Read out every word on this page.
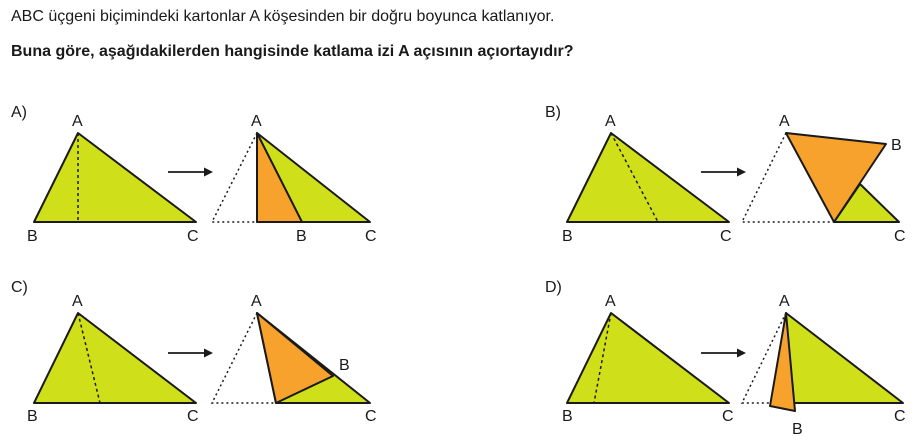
ABC üçgeni biçimindeki kartonlar A köşesinden bir doğru boyunca katlanıyor.
Buna göre, aşağıdakilerden hangisinde katlama izi A açısının açıortayıdır?
A)
A
B	C
A
B	C
B)
A
B	C
A
B
C
C)
A
B	C
A
B
C
D)
A
B	C
A
B
C
